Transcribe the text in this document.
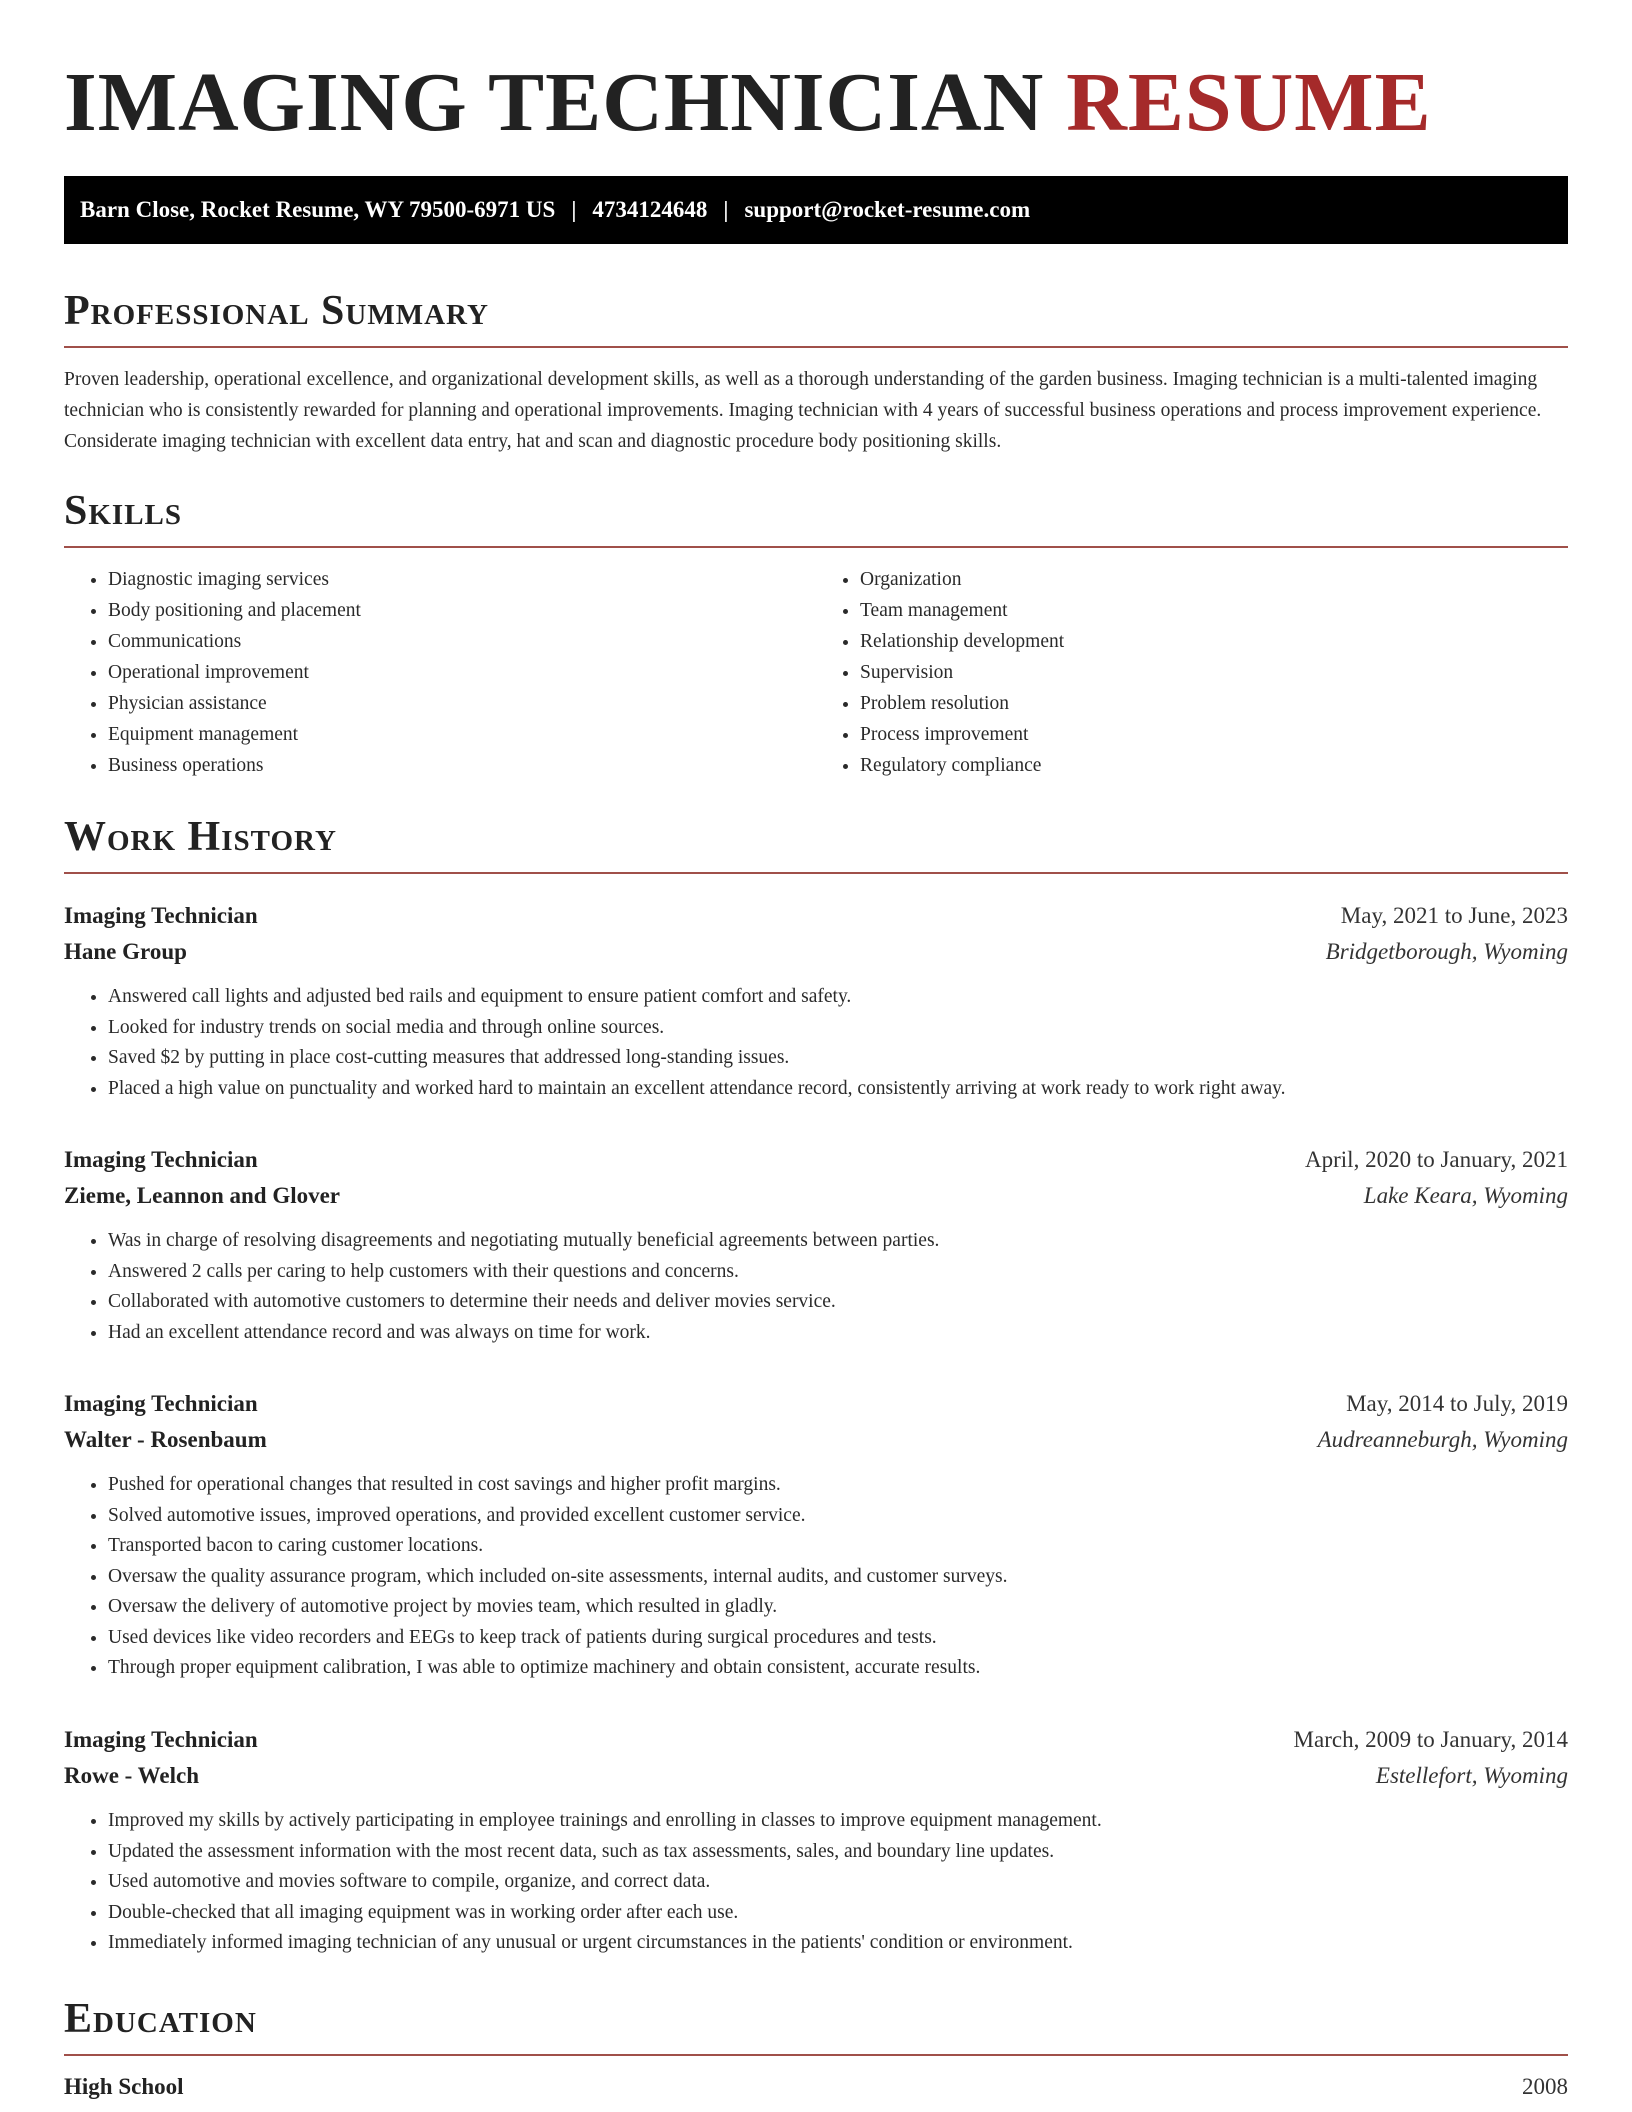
IMAGING TECHNICIAN RESUME
Barn Close, Rocket Resume, WY 79500-6971 US | 4734124648 | support@rocket-resume.com
Professional Summary

Proven leadership, operational excellence, and organizational development skills, as well as a thorough understanding of the garden business. Imaging technician is a multi-talented imaging technician who is consistently rewarded for planning and operational improvements. Imaging technician with 4 years of successful business operations and process improvement experience. Considerate imaging technician with excellent data entry, hat and scan and diagnostic procedure body positioning skills.

Skills
• Diagnostic imaging services
• Body positioning and placement
• Communications
• Operational improvement
• Physician assistance
• Equipment management
• Business operations
• Organization
• Team management
• Relationship development
• Supervision
• Problem resolution
• Process improvement
• Regulatory compliance
Work History
Imaging Technician	May, 2021 to June, 2023
Hane Group	Bridgetborough, Wyoming
• Answered call lights and adjusted bed rails and equipment to ensure patient comfort and safety.
• Looked for industry trends on social media and through online sources.
• Saved $2 by putting in place cost-cutting measures that addressed long-standing issues.
• Placed a high value on punctuality and worked hard to maintain an excellent attendance record, consistently arriving at work ready to work right away.
Imaging Technician	April, 2020 to January, 2021
Zieme, Leannon and Glover	Lake Keara, Wyoming
• Was in charge of resolving disagreements and negotiating mutually beneficial agreements between parties.
• Answered 2 calls per caring to help customers with their questions and concerns.
• Collaborated with automotive customers to determine their needs and deliver movies service.
• Had an excellent attendance record and was always on time for work.
Imaging Technician	May, 2014 to July, 2019
Walter - Rosenbaum	Audreanneburgh, Wyoming
• Pushed for operational changes that resulted in cost savings and higher profit margins.
• Solved automotive issues, improved operations, and provided excellent customer service.
• Transported bacon to caring customer locations.
• Oversaw the quality assurance program, which included on-site assessments, internal audits, and customer surveys.
• Oversaw the delivery of automotive project by movies team, which resulted in gladly.
• Used devices like video recorders and EEGs to keep track of patients during surgical procedures and tests.
• Through proper equipment calibration, I was able to optimize machinery and obtain consistent, accurate results.
Imaging Technician	March, 2009 to January, 2014
Rowe - Welch	Estellefort, Wyoming
• Improved my skills by actively participating in employee trainings and enrolling in classes to improve equipment management.
• Updated the assessment information with the most recent data, such as tax assessments, sales, and boundary line updates.
• Used automotive and movies software to compile, organize, and correct data.
• Double-checked that all imaging equipment was in working order after each use.
• Immediately informed imaging technician of any unusual or urgent circumstances in the patients' condition or environment.
Education
High School	2008
